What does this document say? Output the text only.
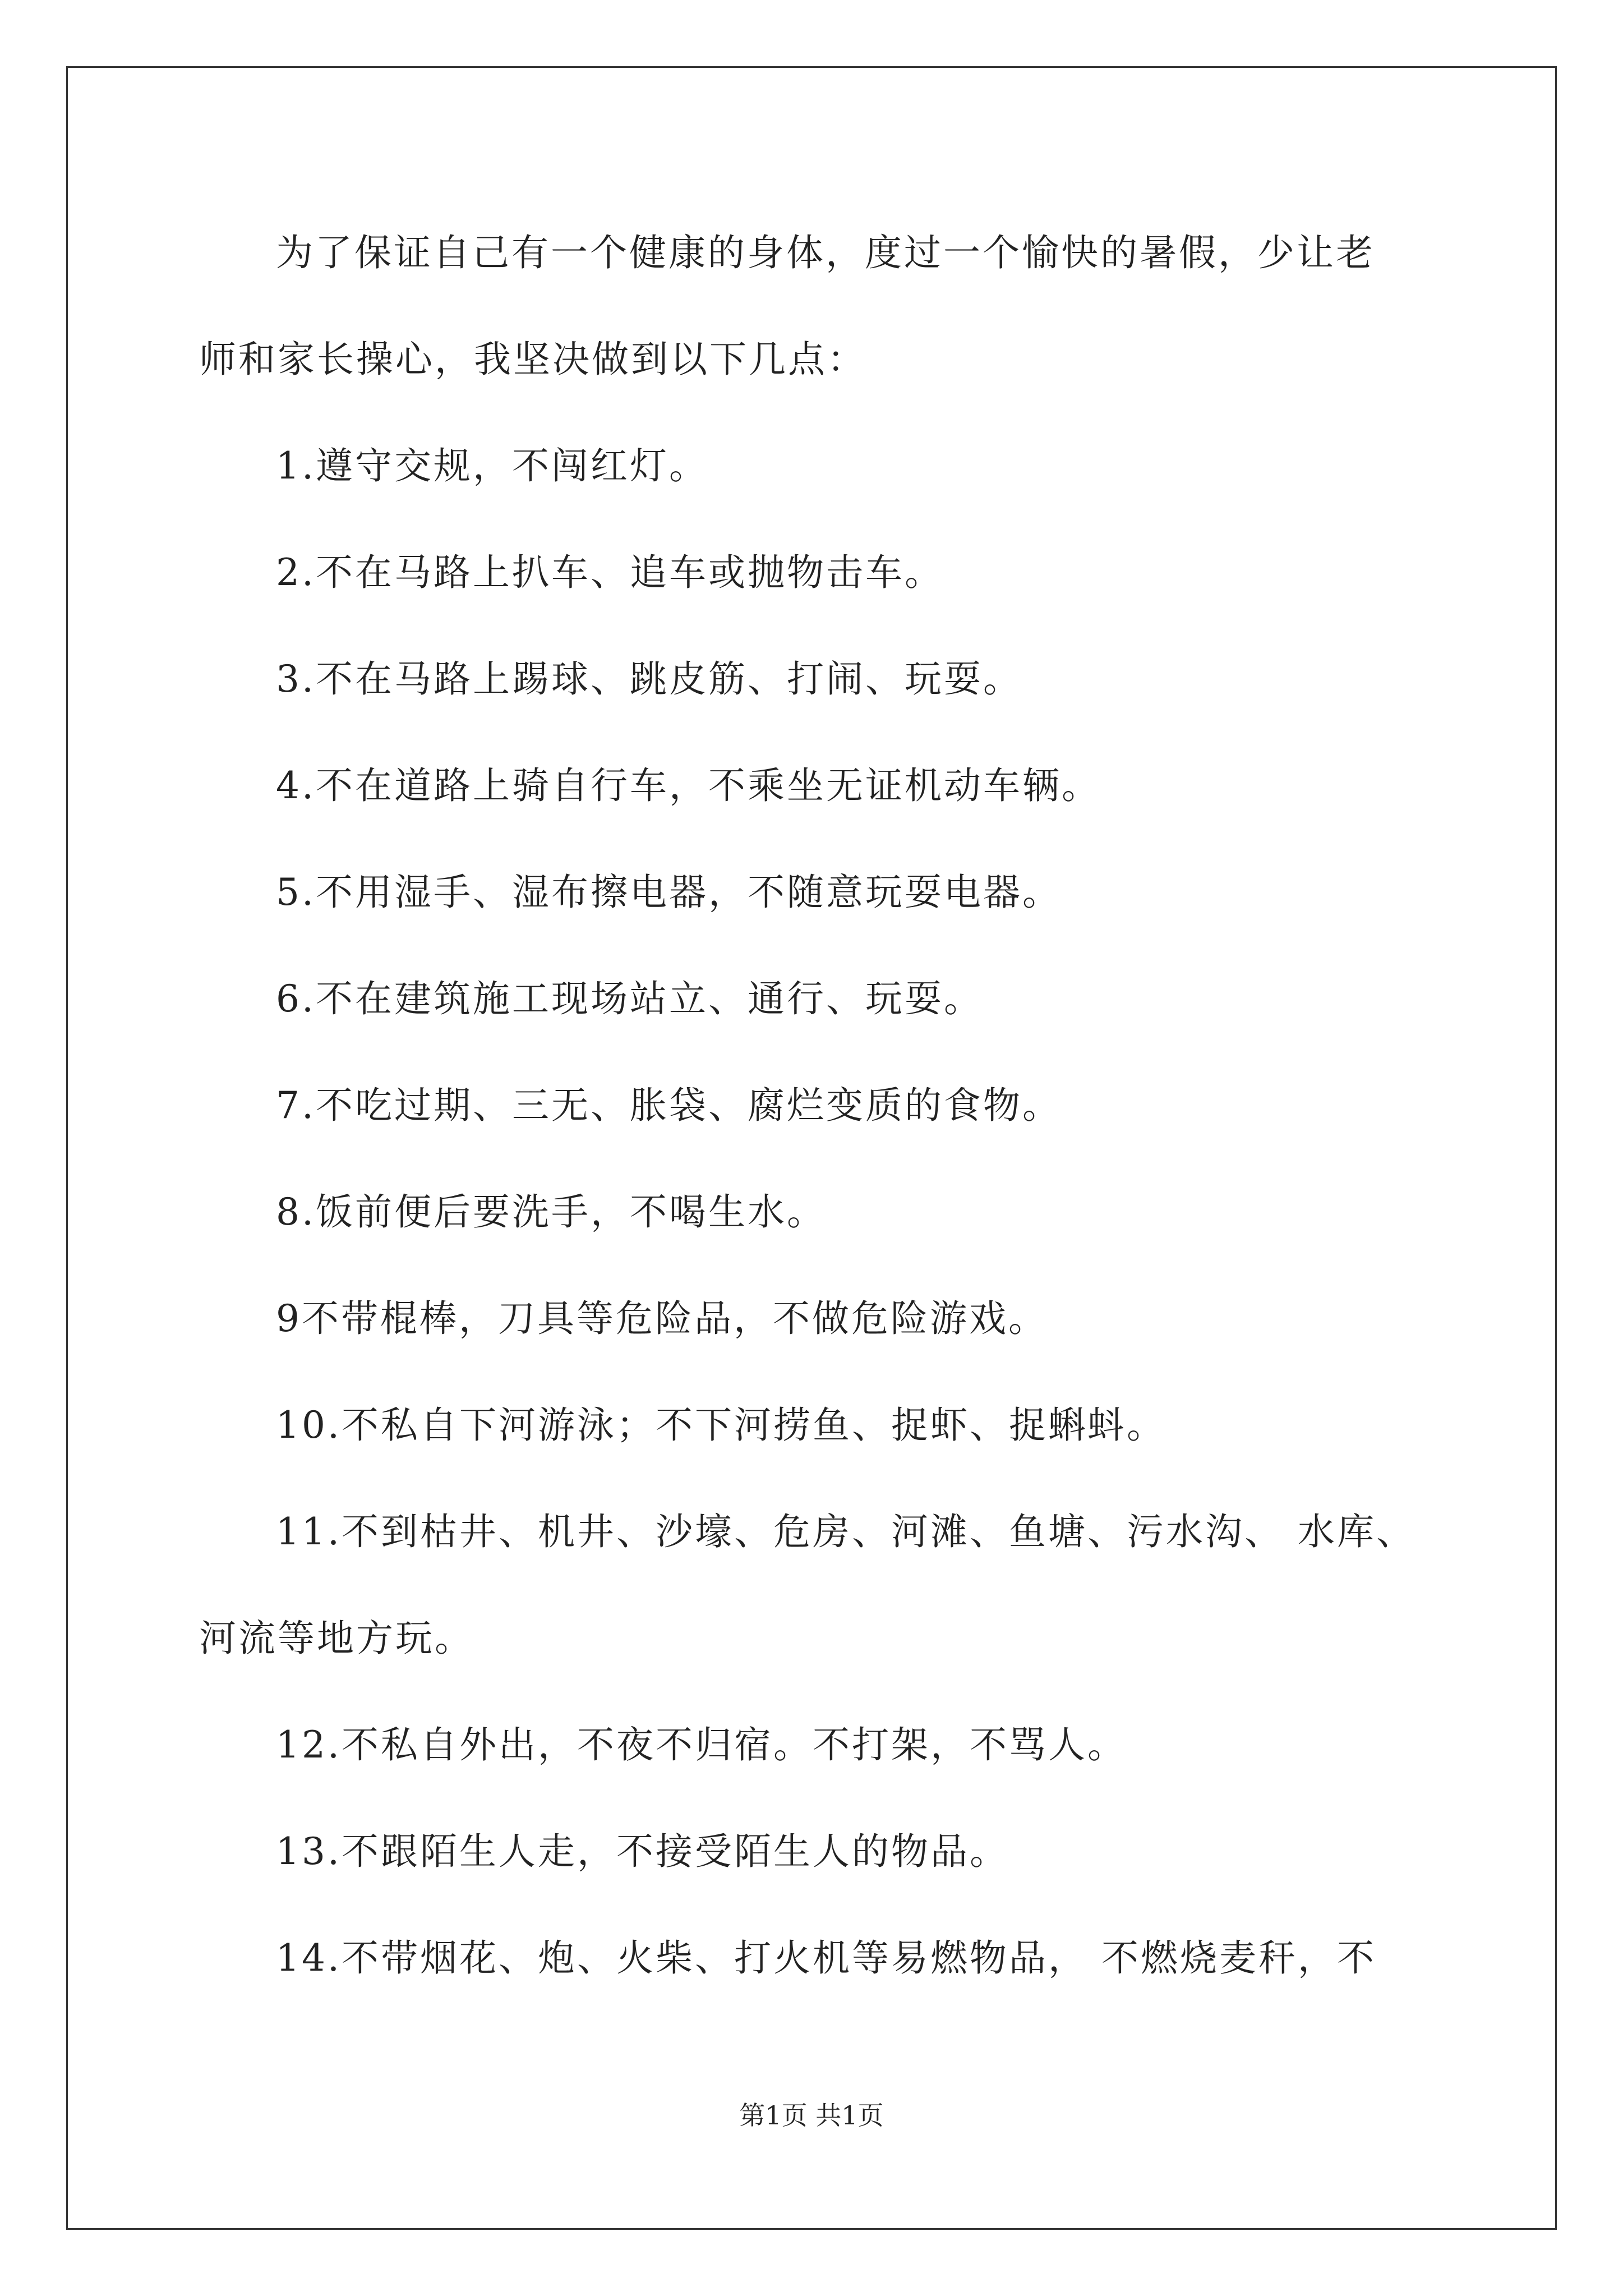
为了保证自己有一个健康的身体，度过一个愉快的暑假，少让老
师和家长操心，我坚决做到以下几点：
1.遵守交规，不闯红灯。
2.不在马路上扒车、追车或抛物击车。
3.不在马路上踢球、跳皮筋、打闹、玩耍。
4.不在道路上骑自行车，不乘坐无证机动车辆。
5.不用湿手、湿布擦电器，不随意玩耍电器。
6.不在建筑施工现场站立、通行、玩耍。
7.不吃过期、三无、胀袋、腐烂变质的食物。
8.饭前便后要洗手，不喝生水。
9不带棍棒，刀具等危险品，不做危险游戏。
10.不私自下河游泳；不下河捞鱼、捉虾、捉蝌蚪。
11.不到枯井、机井、沙壕、危房、河滩、鱼塘、污水沟、 水库、
河流等地方玩。
12.不私自外出，不夜不归宿。不打架，不骂人。
13.不跟陌生人走，不接受陌生人的物品。
14.不带烟花、炮、火柴、打火机等易燃物品， 不燃烧麦秆，不
第1页 共1页
